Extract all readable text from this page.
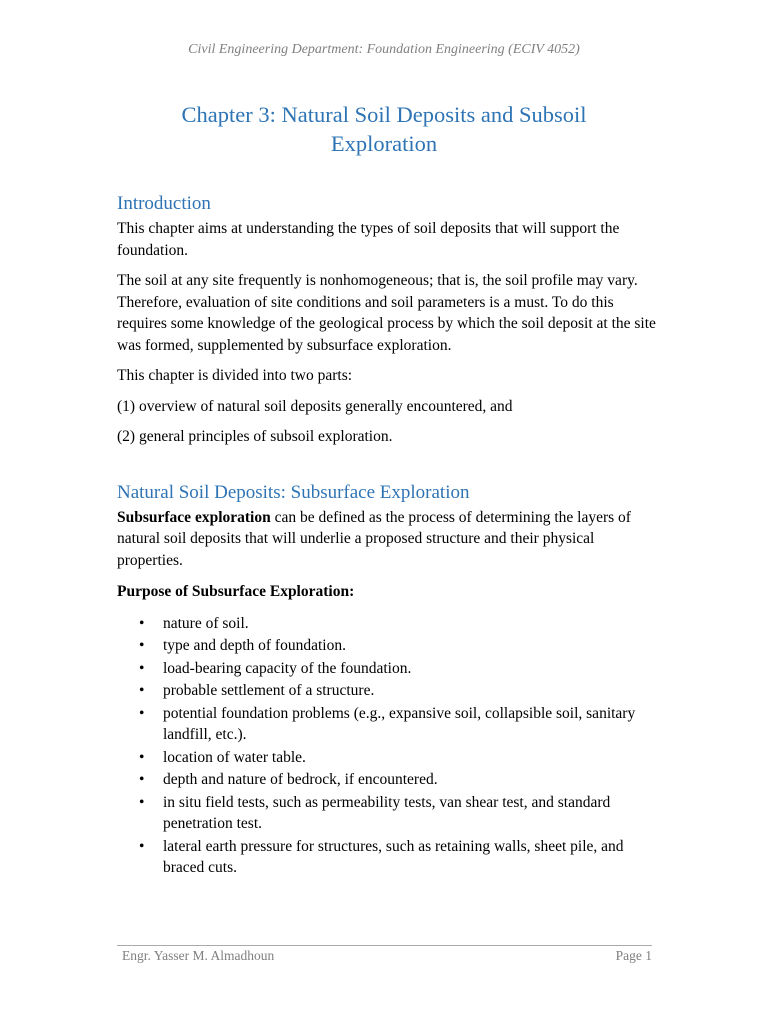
Civil Engineering Department: Foundation Engineering (ECIV 4052)
Chapter 3: Natural Soil Deposits and Subsoil
Exploration
Introduction

This chapter aims at understanding the types of soil deposits that will support the foundation.

The soil at any site frequently is nonhomogeneous; that is, the soil profile may vary. Therefore, evaluation of site conditions and soil parameters is a must. To do this requires some knowledge of the geological process by which the soil deposit at the site was formed, supplemented by subsurface exploration.

This chapter is divided into two parts:

(1) overview of natural soil deposits generally encountered, and

(2) general principles of subsoil exploration.

Natural Soil Deposits: Subsurface Exploration

Subsurface exploration can be defined as the process of determining the layers of natural soil deposits that will underlie a proposed structure and their physical properties.

Purpose of Subsurface Exploration:

• nature of soil.
• type and depth of foundation.
• load-bearing capacity of the foundation.
• probable settlement of a structure.
• potential foundation problems (e.g., expansive soil, collapsible soil, sanitary landfill, etc.).
• location of water table.
• depth and nature of bedrock, if encountered.
• in situ field tests, such as permeability tests, van shear test, and standard penetration test.
• lateral earth pressure for structures, such as retaining walls, sheet pile, and braced cuts.
Engr. Yasser M. Almadhoun	Page 1
